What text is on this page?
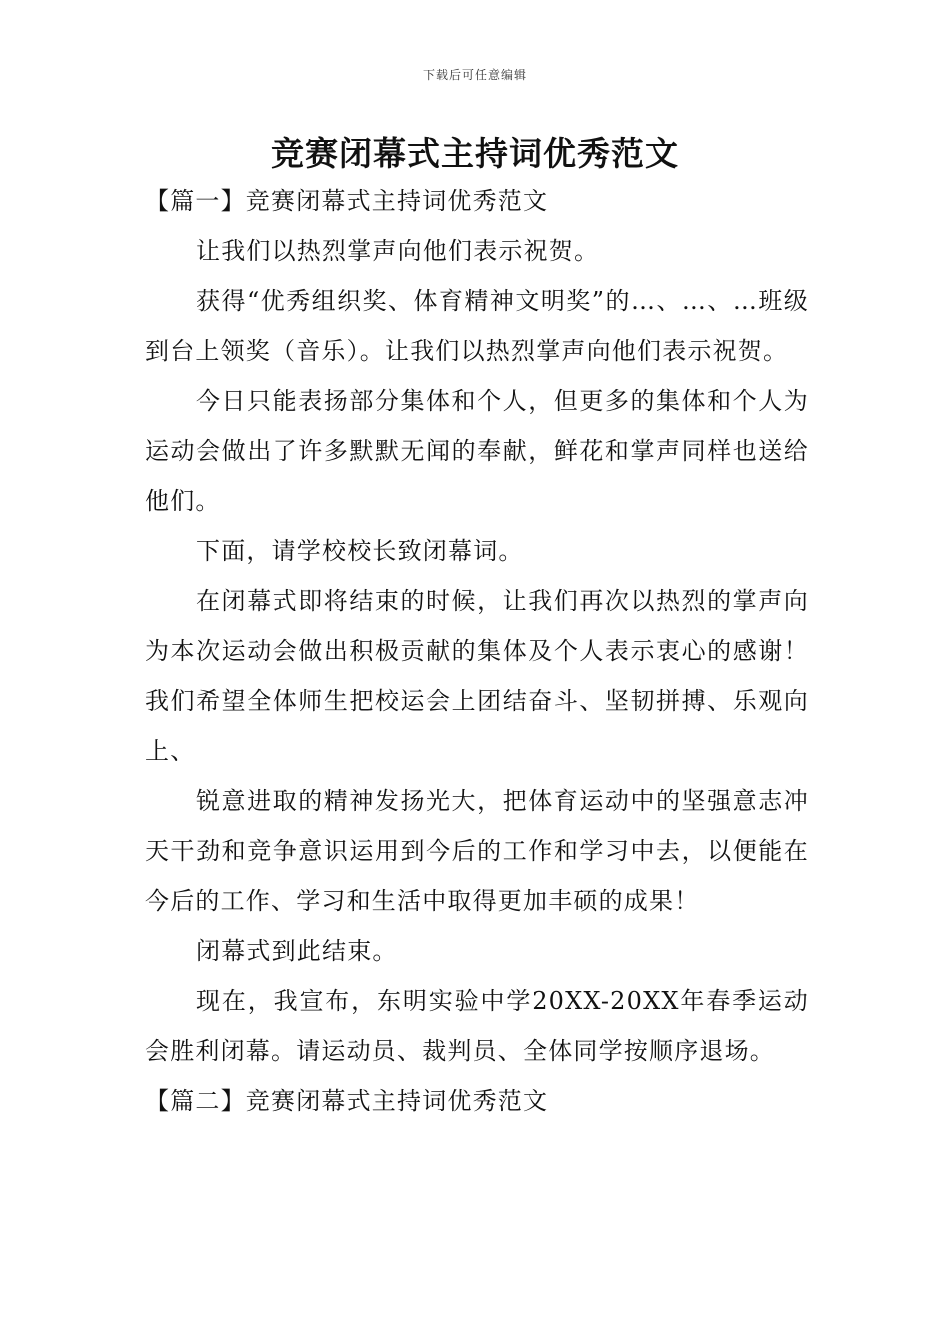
下载后可任意编辑
竞赛闭幕式主持词优秀范文

【篇一】竞赛闭幕式主持词优秀范文

让我们以热烈掌声向他们表示祝贺。

获得“优秀组织奖、体育精神文明奖”的…、…、…班级到台上领奖（音乐）。让我们以热烈掌声向他们表示祝贺。

今日只能表扬部分集体和个人，但更多的集体和个人为运动会做出了许多默默无闻的奉献，鲜花和掌声同样也送给他们。

下面，请学校校长致闭幕词。

在闭幕式即将结束的时候，让我们再次以热烈的掌声向为本次运动会做出积极贡献的集体及个人表示衷心的感谢！我们希望全体师生把校运会上团结奋斗、坚韧拼搏、乐观向上、

锐意进取的精神发扬光大，把体育运动中的坚强意志冲天干劲和竞争意识运用到今后的工作和学习中去，以便能在今后的工作、学习和生活中取得更加丰硕的成果！

闭幕式到此结束。

现在，我宣布，东明实验中学20XX-20XX年春季运动会胜利闭幕。请运动员、裁判员、全体同学按顺序退场。

【篇二】竞赛闭幕式主持词优秀范文
